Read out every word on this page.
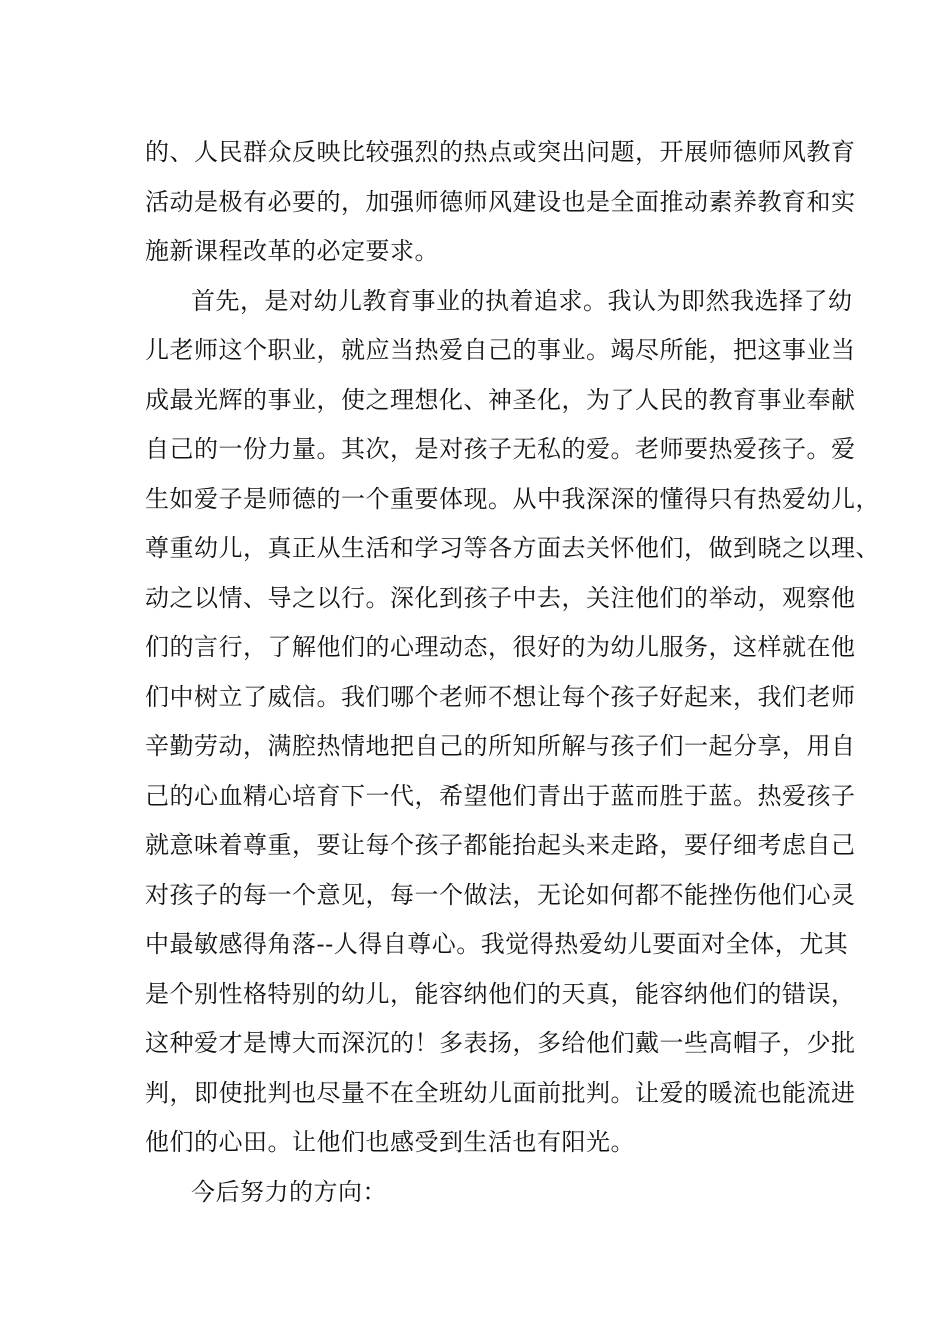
的、人民群众反映比较强烈的热点或突出问题，开展师德师风教育
活动是极有必要的，加强师德师风建设也是全面推动素养教育和实
施新课程改革的必定要求。
首先，是对幼儿教育事业的执着追求。我认为即然我选择了幼
儿老师这个职业，就应当热爱自己的事业。竭尽所能，把这事业当
成最光辉的事业，使之理想化、神圣化，为了人民的教育事业奉献
自己的一份力量。其次，是对孩子无私的爱。老师要热爱孩子。爱
生如爱子是师德的一个重要体现。从中我深深的懂得只有热爱幼儿，
尊重幼儿，真正从生活和学习等各方面去关怀他们，做到晓之以理、
动之以情、导之以行。深化到孩子中去，关注他们的举动，观察他
们的言行，了解他们的心理动态，很好的为幼儿服务，这样就在他
们中树立了威信。我们哪个老师不想让每个孩子好起来，我们老师
辛勤劳动，满腔热情地把自己的所知所解与孩子们一起分享，用自
己的心血精心培育下一代，希望他们青出于蓝而胜于蓝。热爱孩子
就意味着尊重，要让每个孩子都能抬起头来走路，要仔细考虑自己
对孩子的每一个意见，每一个做法，无论如何都不能挫伤他们心灵
中最敏感得角落--人得自尊心。我觉得热爱幼儿要面对全体，尤其
是个别性格特别的幼儿，能容纳他们的天真，能容纳他们的错误，
这种爱才是博大而深沉的！多表扬，多给他们戴一些高帽子，少批
判，即使批判也尽量不在全班幼儿面前批判。让爱的暖流也能流进
他们的心田。让他们也感受到生活也有阳光。
今后努力的方向：
